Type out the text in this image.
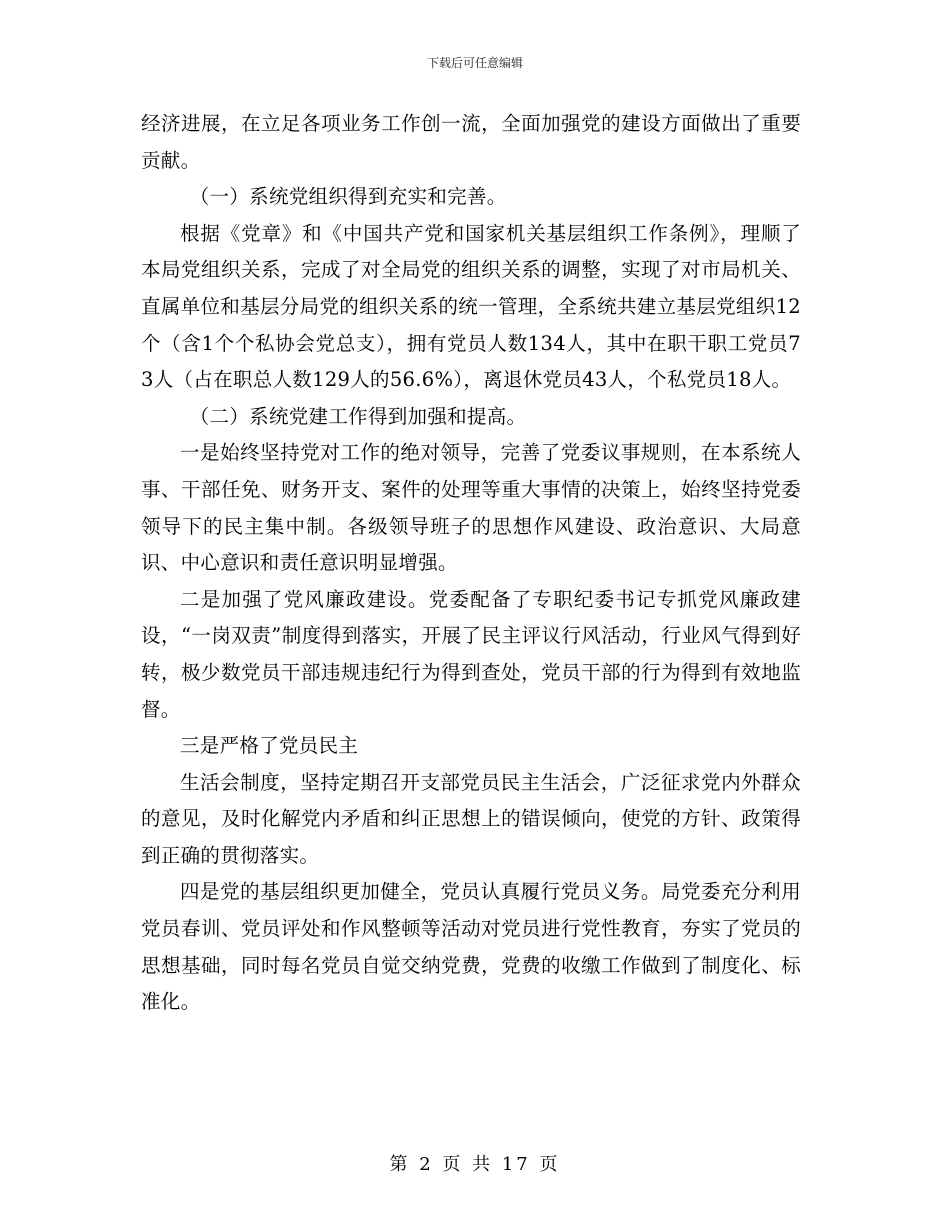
下载后可任意编辑

经济进展，在立足各项业务工作创一流，全面加强党的建设方面做出了重要贡献。

（一）系统党组织得到充实和完善。

根据《党章》和《中国共产党和国家机关基层组织工作条例》，理顺了本局党组织关系，完成了对全局党的组织关系的调整，实现了对市局机关、直属单位和基层分局党的组织关系的统一管理，全系统共建立基层党组织12个（含1个个私协会党总支），拥有党员人数134人，其中在职干职工党员73人（占在职总人数129人的56.6%），离退休党员43人，个私党员18人。

（二）系统党建工作得到加强和提高。

一是始终坚持党对工作的绝对领导，完善了党委议事规则，在本系统人事、干部任免、财务开支、案件的处理等重大事情的决策上，始终坚持党委领导下的民主集中制。各级领导班子的思想作风建设、政治意识、大局意识、中心意识和责任意识明显增强。

二是加强了党风廉政建设。党委配备了专职纪委书记专抓党风廉政建设，“一岗双责”制度得到落实，开展了民主评议行风活动，行业风气得到好转，极少数党员干部违规违纪行为得到查处，党员干部的行为得到有效地监督。

三是严格了党员民主

生活会制度，坚持定期召开支部党员民主生活会，广泛征求党内外群众的意见，及时化解党内矛盾和纠正思想上的错误倾向，使党的方针、政策得到正确的贯彻落实。

四是党的基层组织更加健全，党员认真履行党员义务。局党委充分利用党员春训、党员评处和作风整顿等活动对党员进行党性教育，夯实了党员的思想基础，同时每名党员自觉交纳党费，党费的收缴工作做到了制度化、标准化。

第 2 页 共 17 页
